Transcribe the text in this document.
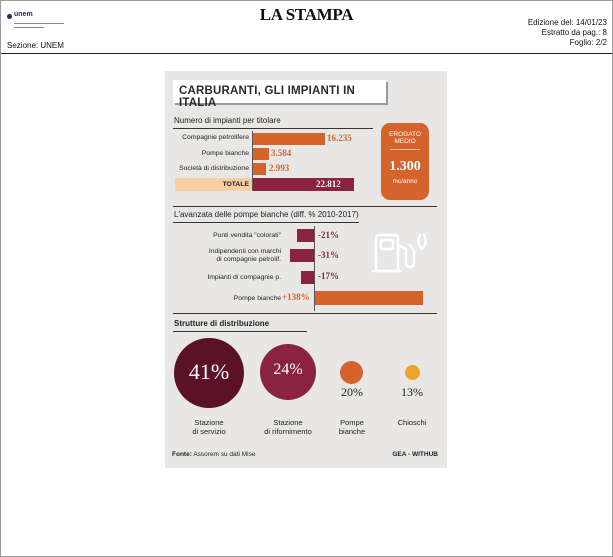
unem	LA STAMPA
Sezione: UNEM
Edizione del: 14/01/23
Estratto da pag.: 8
Foglio: 2/2
CARBURANTI, GLI IMPIANTI IN ITALIA
Numero di impianti per titolare
Compagnie petrolifere
Pompe bianche
Società di distribuzione
TOTALE
16.235
3.584
2.993
22.812
EROGATO
MEDIO
1.300
mc/anno
L'avanzata delle pompe bianche (diff. % 2010-2017)
Punti vendita "colorati"
Indipendenti con marchi
di compagnie petrolif.
Impianti di compagnie p.
Pompe bianche
-21%
-31%
-17%
+138%
Strutture di distribuzione
41%
Stazione
di servizio
24%
Stazione
di rifornimento
20%
Pompe
bianche
13%
Chioschi
Fonte: Assorem su dati Mise	GEA - WITHUB
